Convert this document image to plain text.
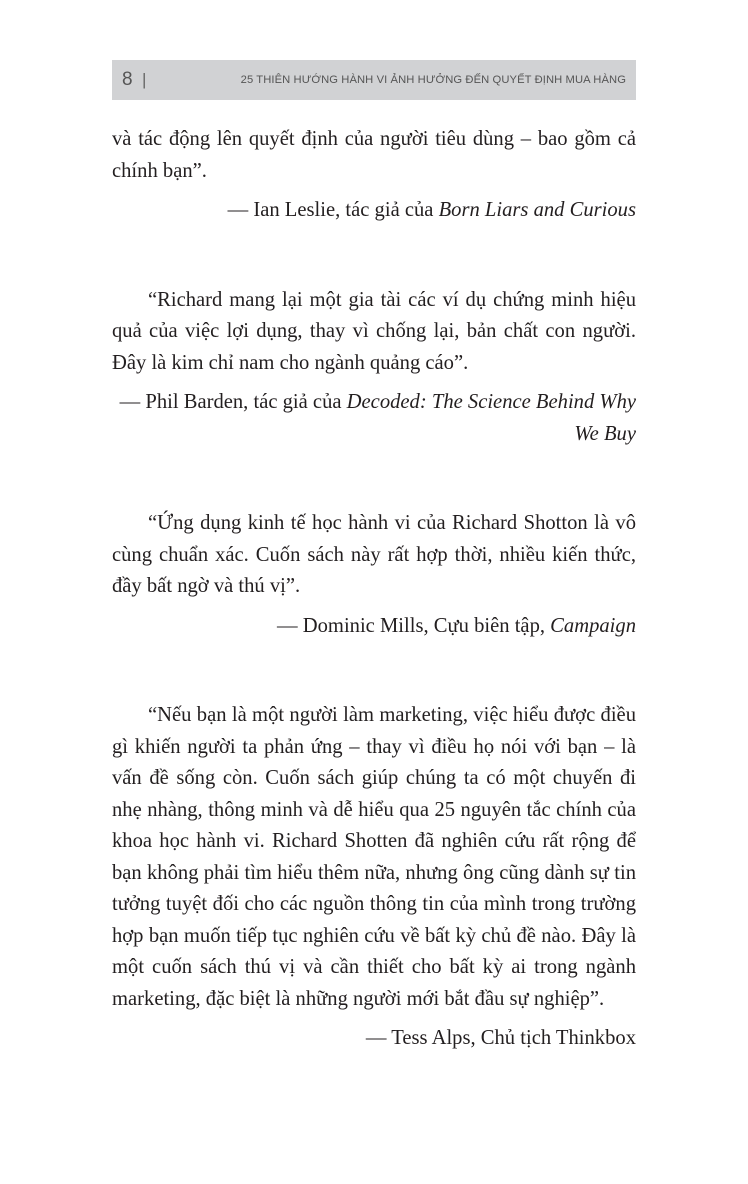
8 |	25 THIÊN HƯỚNG HÀNH VI ẢNH HƯỞNG ĐẾN QUYẾT ĐỊNH MUA HÀNG

và tác động lên quyết định của người tiêu dùng – bao gồm cả chính bạn”.

— Ian Leslie, tác giả của Born Liars and Curious

“Richard mang lại một gia tài các ví dụ chứng minh hiệu quả của việc lợi dụng, thay vì chống lại, bản chất con người. Đây là kim chỉ nam cho ngành quảng cáo”.

— Phil Barden, tác giả của Decoded: The Science Behind Why We Buy

“Ứng dụng kinh tế học hành vi của Richard Shotton là vô cùng chuẩn xác. Cuốn sách này rất hợp thời, nhiều kiến thức, đầy bất ngờ và thú vị”.

— Dominic Mills, Cựu biên tập, Campaign

“Nếu bạn là một người làm marketing, việc hiểu được điều gì khiến người ta phản ứng – thay vì điều họ nói với bạn – là vấn đề sống còn. Cuốn sách giúp chúng ta có một chuyến đi nhẹ nhàng, thông minh và dễ hiểu qua 25 nguyên tắc chính của khoa học hành vi. Richard Shotten đã nghiên cứu rất rộng để bạn không phải tìm hiểu thêm nữa, nhưng ông cũng dành sự tin tưởng tuyệt đối cho các nguồn thông tin của mình trong trường hợp bạn muốn tiếp tục nghiên cứu về bất kỳ chủ đề nào. Đây là một cuốn sách thú vị và cần thiết cho bất kỳ ai trong ngành marketing, đặc biệt là những người mới bắt đầu sự nghiệp”.

— Tess Alps, Chủ tịch Thinkbox
